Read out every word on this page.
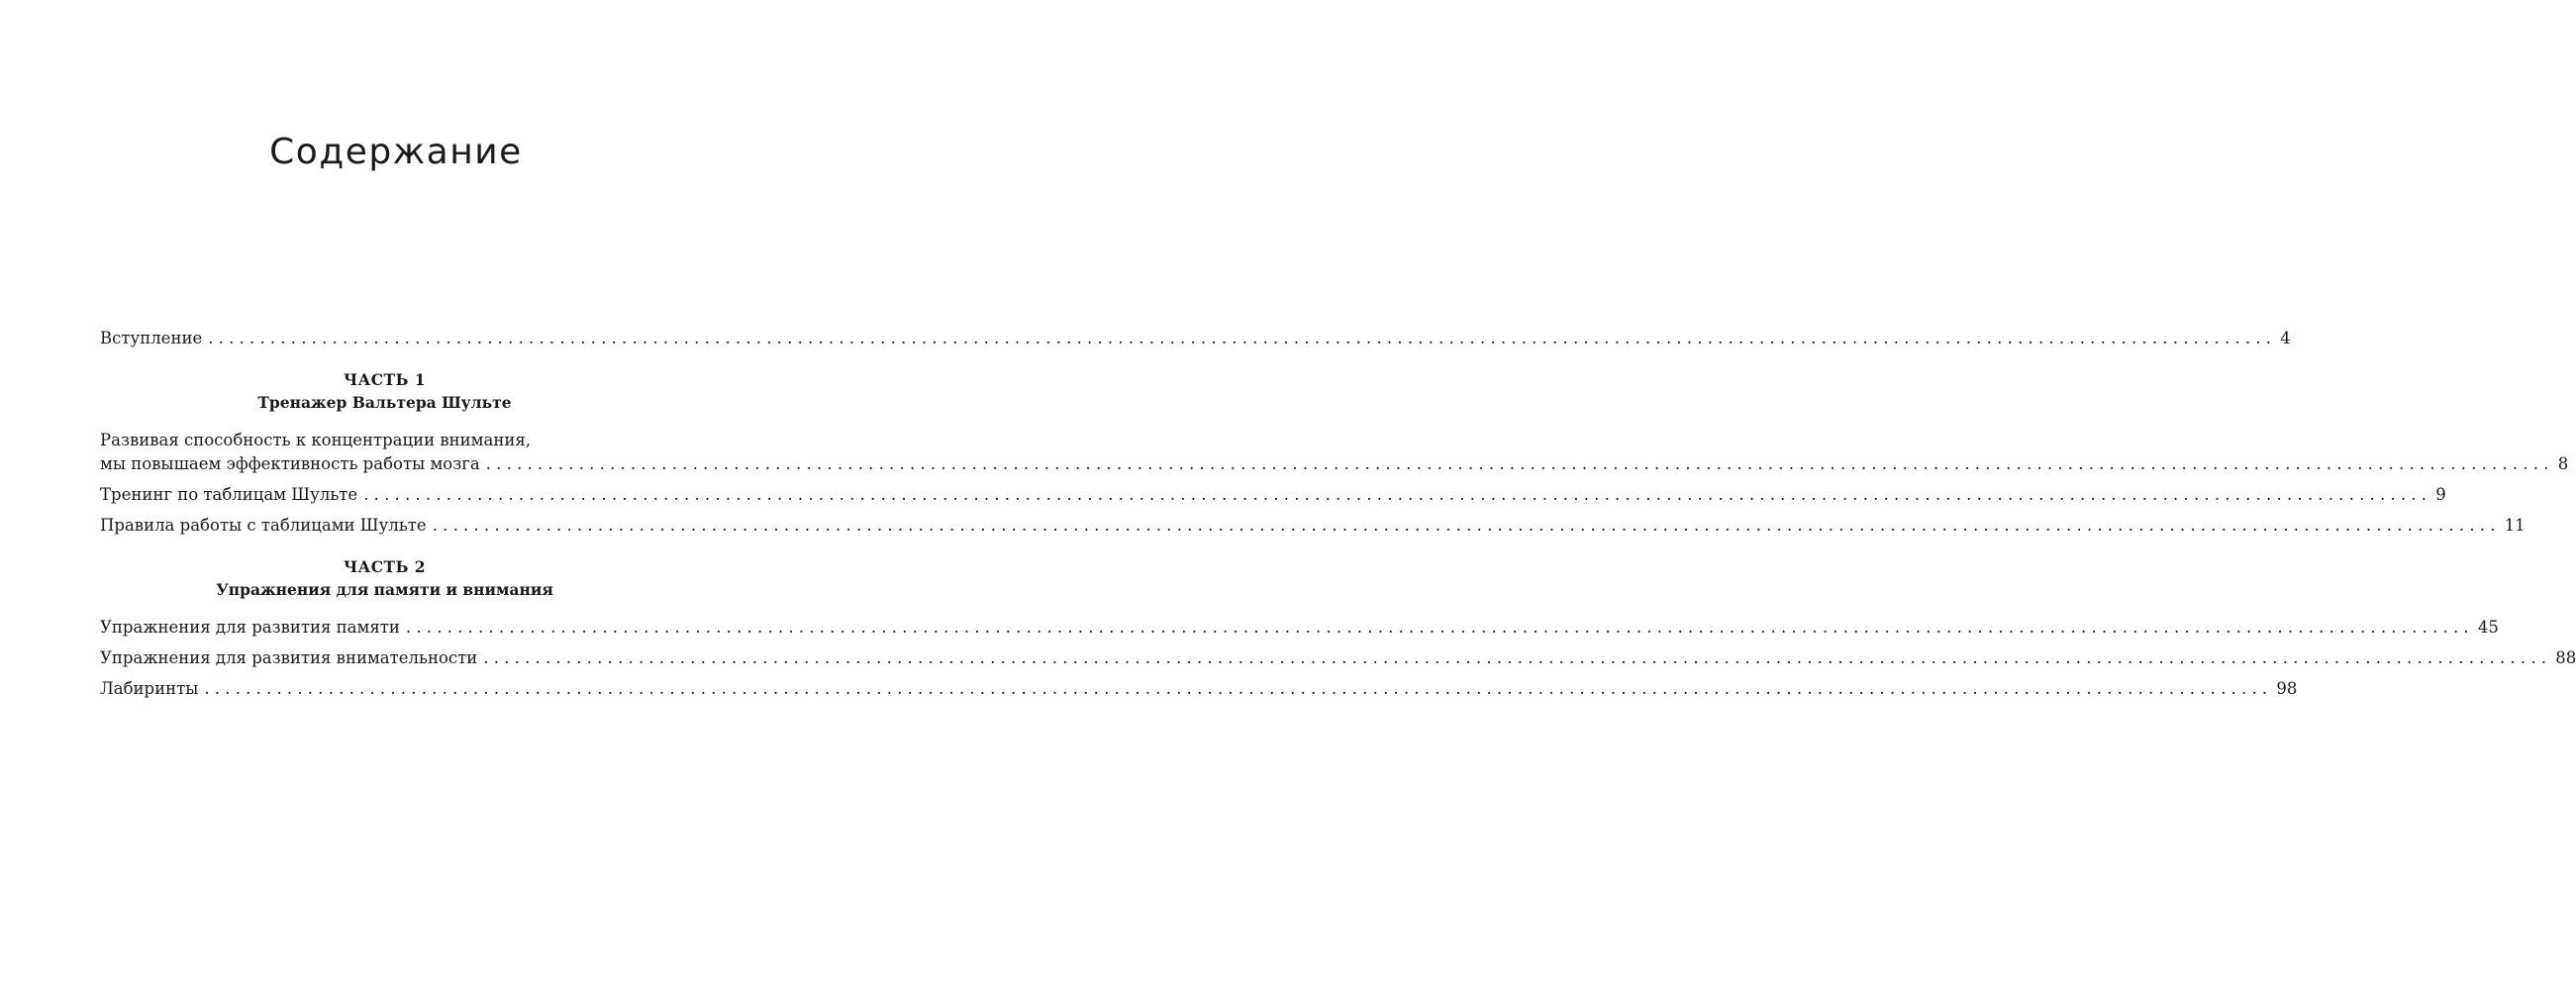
Содержание
Вступление ........................................................................................................................................................................................................ 4
ЧАСТЬ 1
Тренажер Вальтера Шульте
Развивая способность к концентрации внимания,
мы повышаем эффективность работы мозга ........................................................................................................................................................................................................ 8
Тренинг по таблицам Шульте ........................................................................................................................................................................................................ 9
Правила работы с таблицами Шульте ........................................................................................................................................................................................................ 11
ЧАСТЬ 2
Упражнения для памяти и внимания
Упражнения для развития памяти ........................................................................................................................................................................................................ 45
Упражнения для развития внимательности ........................................................................................................................................................................................................ 88
Лабиринты ........................................................................................................................................................................................................ 98
